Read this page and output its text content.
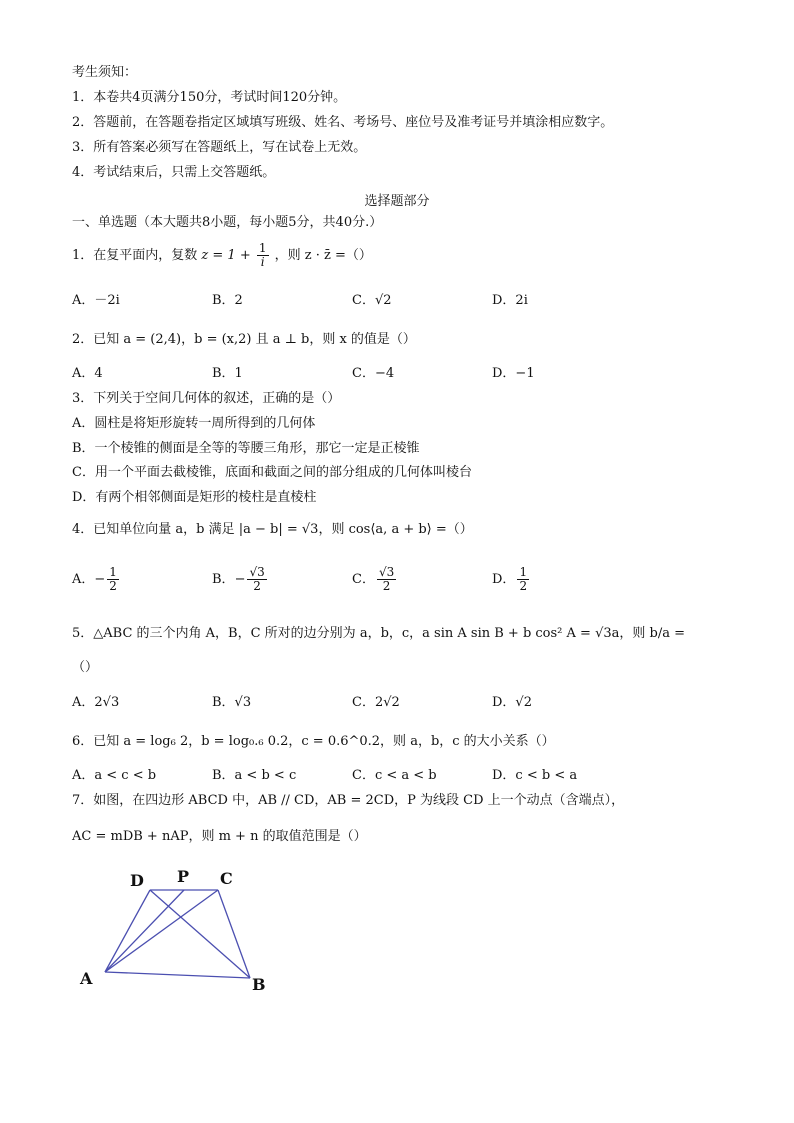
考生须知：
1．本卷共4页满分150分，考试时间120分钟。
2．答题前，在答题卷指定区域填写班级、姓名、考场号、座位号及准考证号并填涂相应数字。
3．所有答案必须写在答题纸上，写在试卷上无效。
4．考试结束后，只需上交答题纸。
选择题部分
一、单选题（本大题共8小题，每小题5分，共40分.）
1．在复平面内，复数 $z = 1 + \frac{1}{i}$ ，则 z · z̄ =（）
A．－2i	B．2	C．√2	D．2i
2．已知 a = (2,4)，b = (x,2) 且 a ⊥ b，则 x 的值是（）
A．4	B．1	C．−4	D．−1
3．下列关于空间几何体的叙述，正确的是（）
A．圆柱是将矩形旋转一周所得到的几何体
B．一个棱锥的侧面是全等的等腰三角形，那它一定是正棱锥
C．用一个平面去截棱锥，底面和截面之间的部分组成的几何体叫棱台
D．有两个相邻侧面是矩形的棱柱是直棱柱
4．已知单位向量 a，b 满足 |a − b| = √3，则 cos⟨a, a + b⟩ =（）
A．− $\frac{1}{2}$	B．− $\frac{√3}{2}$	C． $\frac{√3}{2}$	D． $\frac{1}{2}$
5．△ABC 的三个内角 A，B，C 所对的边分别为 a，b，c，a sin A sin B + b cos² A = √3a，则 b/a =
（）
A．2√3	B．√3	C．2√2	D．√2
6．已知 a = log₆ 2，b = log₀.₆ 0.2，c = 0.6^0.2，则 a，b，c 的大小关系（）
A．a < c < b	B．a < b < c	C．c < a < b	D．c < b < a
7．如图，在四边形 ABCD 中，AB // CD，AB = 2CD，P 为线段 CD 上一个动点（含端点），
AC = mDB + nAP，则 m + n 的取值范围是（）
D P C
A	B
